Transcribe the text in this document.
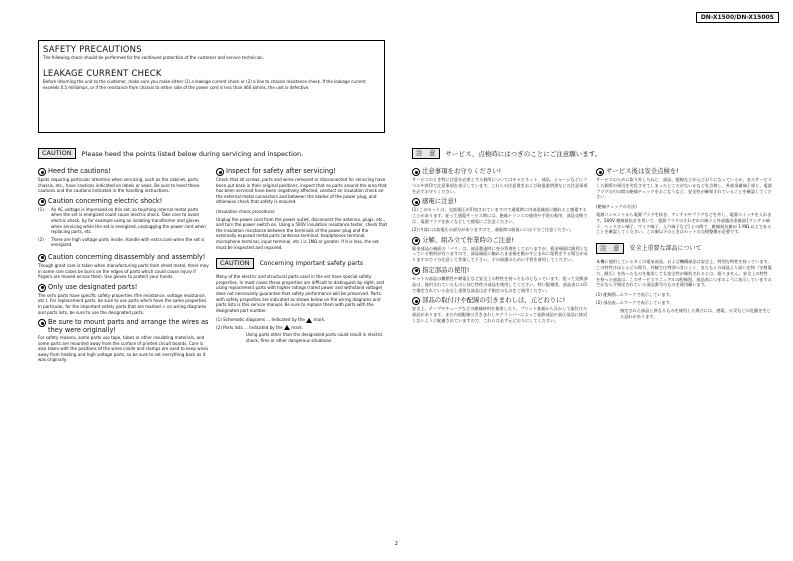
DN-X1500/DN-X1500S
SAFETY PRECAUTIONS

The following check should be performed for the continued protection of the customer and service technician.

LEAKAGE CURRENT CHECK

Before returning the unit to the customer, make sure you make either (1) a leakage current check or (2) a line to chassis resistance check. If the leakage current exceeds 0.5 milliamps, or if the resistance from chassis to either side of the power cord is less than 460 kohms, the unit is defective.

CAUTION	Please heed the points listed below during servicing and inspection.
Heed the cautions!

Spots requiring particular attention when servicing, such as the cabinet, parts, chassis, etc., have cautions indicated on labels or seals. Be sure to heed these cautions and the cautions indicated in the handling instructions.

Caution concerning electric shock!
(1)	An AC voltage is impressed on this set, so touching internal metal parts when the set is energized could cause electric shock. Take care to avoid electric shock, by for example using an isolating transformer and gloves when servicing while the set is energized, unplugging the power cord when replacing parts, etc.

(2)	There are high voltage parts inside. Handle with extra care when the set is energized.

Caution concerning disassembly and assembly!

Though great care is taken when manufacturing parts from sheet metal, there may in some rare cases be burrs on the edges of parts which could cause injury if fingers are moved across them. Use gloves to protect your hands.

Only use designated parts!

The set's parts have specific safety properties (fire resistance, voltage resistance, etc.). For replacement parts, be sure to use parts which have the same properties. In particular, for the important safety parts that are marked ⚠ on wiring diagrams and parts lists, be sure to use the designated parts.

Be sure to mount parts and arrange the wires as they were originally!

For safety reasons, some parts use tape, tubes or other insulating materials, and some parts are mounted away from the surface of printed circuit boards. Care is also taken with the positions of the wires inside and clamps are used to keep wires away from heating and high voltage parts, so be sure to set everything back as it was originally.

Inspect for safety after servicing!

Check that all screws, parts and wires removed or disconnected for servicing have been put back in their original positions, inspect that no parts around the area that has been serviced have been negatively affected, conduct an insulation check on the external metal connectors and between the blades of the power plug, and otherwise check that safety is ensured.

(Insulation check procedure)

Unplug the power cord from the power outlet, disconnect the antenna, plugs, etc., and turn the power switch on. Using a 500V insulation resistance tester, check that the insulation resistance between the terminals of the power plug and the externally exposed metal parts (antenna terminal, headphones terminal, microphone terminal, input terminal, etc.) is 1MΩ or greater. If it is less, the set must be inspected and repaired.

CAUTION	Concerning important safety parts

Many of the electric and structural parts used in the set have special safety properties. In most cases these properties are difficult to distinguish by sight, and using replacement parts with higher ratings (rated power and withstand voltage) does not necessarily guarantee that safety performance will be preserved. Parts with safety properties are indicated as shown below on the wiring diagrams and parts lists is this service manual. Be sure to replace them with parts with the designated part number.

(1) Schematic diagrams ... Indicated by the mark.

(2) Parts lists ... Indicated by the mark.

Using parts other than the designated parts could result in electric shock, fires or other dangerous situations.

注　意	サービス、点検時にはつぎのことにご注意願います。
注意事項をお守りください!

サービスのとき特に注意を必要とする個所についてはキャビネット、部品、シャーシなどにラベルや捺印で注意事項を表示しています。これらの注意書きおよび取扱説明書などの注意事項を必ずお守りください。

感電に注意!

(1) このセットは、交流電圧が印加されていますので通電時に内部金属部に触れると感電することがあります。従って通電サービス時には、絶縁トランスの使用や手袋の着用、部品交換では、電源プラグを抜くなどして感電にご注意ください。

(2) 内部には高電圧の部分がありますので、通電時の取扱いには十分ご注意ください。

分解、組み立て作業時のご注意!

板金部品の端面の「バリ」は、部品製造時に充分管理をしておりますが、板金端面は鋭利となっている箇所が有りますので、部品端面に触れたまま指を動かすとまれに怪我をする場合がありますので十分注意して作業して下さい。手の保護のために手袋を着用してください。

指定部品の使用!

セットの部品は難燃性や耐電圧など安全上の特性を持ったものとなっています。従って交換部品は、使用されていたものと同じ特性の部品を使用してください。特に配線図、部品表に⚠印で指定されている安全上重要な部品は必ず指定のものをご使用ください。

部品の取付けや配線の引きまわしは、元どおりに!

安全上、テープやチューブなどの絶縁材料を使用したり、プリント基板から浮かして取付けた部品があります。また内部配線は引きまわしやクランパーによって発熱部品や高圧部品に接近しないように配慮されていますので、これらは必ず元どおりにしてください。

サービス後は安全点検を!

サービスのために取り外したねじ、部品、配線などが元どおりになっているか、またサービスした個所の周辺を劣化させてしまったところがないかなどを点検し、外部金属端子部と、電源プラグの刃の間の絶縁チェックをおこなうなど、安全性が確保されていることを確認してください。

(絶縁チェックの方法)

電源コンセントから電源プラグを抜き、アンテナやプラグなどを外し、電源スイッチを入れます。500V 絶縁抵抗計を用いて、電源プラグのそれぞれの端子と外部露出金属部 [アンテナ端子、ヘッドホン端子、マイク端子、入力端子など] との間で、絶縁抵抗値が 1 MΩ 以上であることを確認してください。この値以下のときはセットの点検整備が必要です。

注　意	安全上重要な部品について

本機に使用している多くの電気部品、および機構部品は安全上、特別な特性を持っています。この特性はほとんどの場合、外観では判別つきにくく、またもとの部品より高い定格（定格電力、耐圧）を持ったものを使用しても安全性が維持されるとは、限りません。安全上の特性を持った部品は、このサービスマニュアルの配線図、部品表につぎのように表示していますのでかならず指定されている部品番号のものを使用願います。

(1) 配線図…⚠マークで表示しています。

(2) 部品表…⚠マークで表示しています。

指定された部品と異なるものを使用した場合には、感電、火災などの危険を生じる恐れがあります。

2
